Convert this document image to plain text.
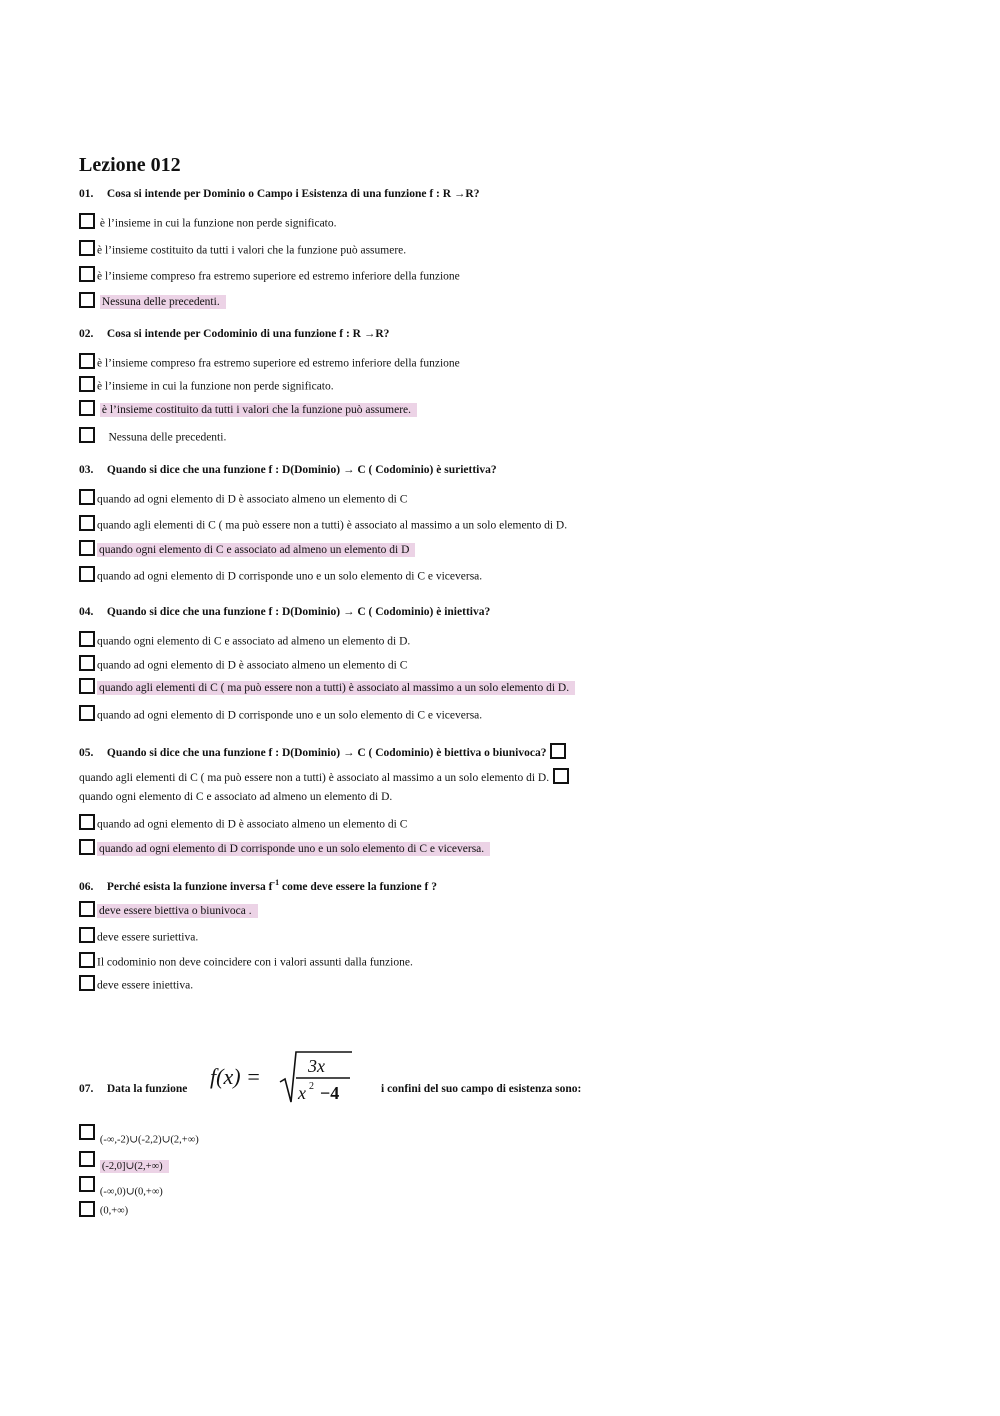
Lezione 012
01. Cosa si intende per Dominio o Campo i Esistenza di una funzione f : R →R?
è l’insieme in cui la funzione non perde significato.
è l’insieme costituito da tutti i valori che la funzione può assumere.
è l’insieme compreso fra estremo superiore ed estremo inferiore della funzione
Nessuna delle precedenti.
02. Cosa si intende per Codominio di una funzione f : R →R?
è l’insieme compreso fra estremo superiore ed estremo inferiore della funzione
è l’insieme in cui la funzione non perde significato.
è l’insieme costituito da tutti i valori che la funzione può assumere.
Nessuna delle precedenti.
03. Quando si dice che una funzione f : D(Dominio) → C ( Codominio) è suriettiva?
quando ad ogni elemento di D è associato almeno un elemento di C
quando agli elementi di C ( ma può essere non a tutti) è associato al massimo a un solo elemento di D.
quando ogni elemento di C e associato ad almeno un elemento di D
quando ad ogni elemento di D corrisponde uno e un solo elemento di C e viceversa.
04. Quando si dice che una funzione f : D(Dominio) → C ( Codominio) è iniettiva?
quando ogni elemento di C e associato ad almeno un elemento di D.
quando ad ogni elemento di D è associato almeno un elemento di C
quando agli elementi di C ( ma può essere non a tutti) è associato al massimo a un solo elemento di D.
quando ad ogni elemento di D corrisponde uno e un solo elemento di C e viceversa.
05. Quando si dice che una funzione f : D(Dominio) → C ( Codominio) è biettiva o biunivoca?
quando agli elementi di C ( ma può essere non a tutti) è associato al massimo a un solo elemento di D.
quando ogni elemento di C e associato ad almeno un elemento di D.
quando ad ogni elemento di D è associato almeno un elemento di C
quando ad ogni elemento di D corrisponde uno e un solo elemento di C e viceversa.
06. Perché esista la funzione inversa $f^{-1}$ come deve essere la funzione f ?
deve essere biettiva o biunivoca .
deve essere suriettiva.
Il codominio non deve coincidere con i valori assunti dalla funzione.
deve essere iniettiva.
07. Data la funzione f(x) =	3x
x 2 −4	i confini del suo campo di esistenza sono:
(-∞,-2)∪(-2,2)∪(2,+∞)
(-2,0]∪(2,+∞)
(-∞,0)∪(0,+∞)
(0,+∞)
